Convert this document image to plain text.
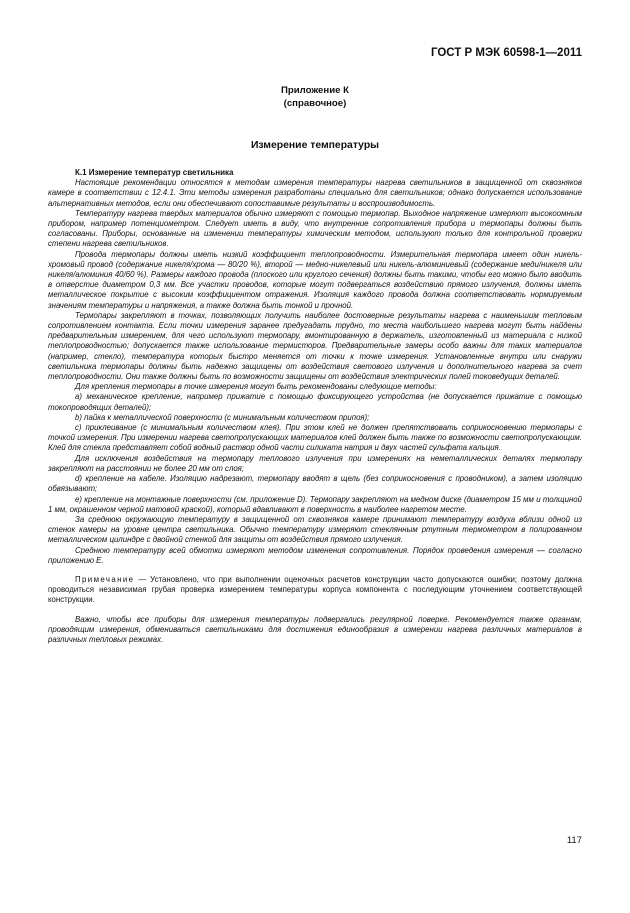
ГОСТ Р МЭК 60598-1—2011
Приложение К
(справочное)
Измерение температуры
К.1 Измерение температур светильника

Настоящие рекомендации относятся к методам измерения температуры нагрева светильников в защищенной от сквозняков камере в соответствии с 12.4.1. Эти методы измерения разработаны специально для светильников; однако допускается использование альтернативных методов, если они обеспечивают сопоставимые результаты и воспроизводимость.

Температуру нагрева твердых материалов обычно измеряют с помощью термопар. Выходное напряжение измеряют высокоомным прибором, например потенциометром. Следует иметь в виду, что внутренние сопротивления прибора и термопары должны быть согласованы. Приборы, основанные на изменении температуры химическим методом, используют только для контрольной проверки степени нагрева светильников.

Провода термопары должны иметь низкий коэффициент теплопроводности. Измерительная термопара имеет один никель-хромовый провод (содержание никеля/хрома — 80/20 %), второй — медно-никелевый или никель-алюминиевый (содержание меди/никеля или никеля/алюминия 40/60 %). Размеры каждого провода (плоского или круглого сечения) должны быть такими, чтобы его можно было вводить в отверстие диаметром 0,3 мм. Все участки проводов, которые могут подвергаться воздействию прямого излучения, должны иметь металлическое покрытие с высоким коэффициентом отражения. Изоляция каждого провода должна соответствовать нормируемым значениям температуры и напряжения, а также должна быть тонкой и прочной.

Термопары закрепляют в точках, позволяющих получить наиболее достоверные результаты нагрева с наименьшим тепловым сопротивлением контакта. Если точки измерения заранее предугадать трудно, то места наибольшего нагрева могут быть найдены предварительным измерением, для чего используют термопару, вмонтированную в держатель, изготовленный из материала с низкой теплопроводностью; допускается также использование термисторов. Предварительные замеры особо важны для таких материалов (например, стекло), температура которых быстро меняется от точки к точке измерения. Установленные внутри или снаружи светильника термопары должны быть надежно защищены от воздействия светового излучения и дополнительного нагрева за счет теплопроводности. Они также должны быть по возможности защищены от воздействия электрических полей токоведущих деталей.

Для крепления термопары в точке измерения могут быть рекомендованы следующие методы:

a) механическое крепление, например прижатие с помощью фиксирующего устройства (не допускается прижатие с помощью токопроводящих деталей);

b) пайка к металлической поверхности (с минимальным количеством припоя);

c) приклеивание (с минимальным количеством клея). При этом клей не должен препятствовать соприкосновению термопары с точкой измерения. При измерении нагрева светопропускающих материалов клей должен быть также по возможности светопропускающим. Клей для стекла представляет собой водный раствор одной части силиката натрия и двух частей сульфата кальция.

Для исключения воздействия на термопару теплового излучения при измерениях на неметаллических деталях термопару закрепляют на расстоянии не более 20 мм от слоя;

d) крепление на кабеле. Изоляцию надрезают, термопару вводят в щель (без соприкосновения с проводником), а затем изоляцию обвязывают;

e) крепление на монтажные поверхности (см. приложение D). Термопару закрепляют на медном диске (диаметром 15 мм и толщиной 1 мм, окрашенном черной матовой краской), который вдавливают в поверхность в наиболее нагретом месте.

За среднюю окружающую температуру в защищенной от сквозняков камере принимают температуру воздуха вблизи одной из стенок камеры на уровне центра светильника. Обычно температуру измеряют стеклянным ртутным термометром в полированном металлическом цилиндре с двойной стенкой для защиты от воздействия прямого излучения.

Среднюю температуру всей обмотки измеряют методом изменения сопротивления. Порядок проведения измерения — согласно приложению Е.

Примечание — Установлено, что при выполнении оценочных расчетов конструкции часто допускаются ошибки; поэтому должна проводиться независимая грубая проверка измерением температуры корпуса компонента с последующим уточнением соответствующей конструкции.

Важно, чтобы все приборы для измерения температуры подвергались регулярной поверке. Рекомендуется также органам, проводящим измерения, обмениваться светильниками для достижения единообразия в измерении нагрева различных материалов в различных тепловых режимах.

117
